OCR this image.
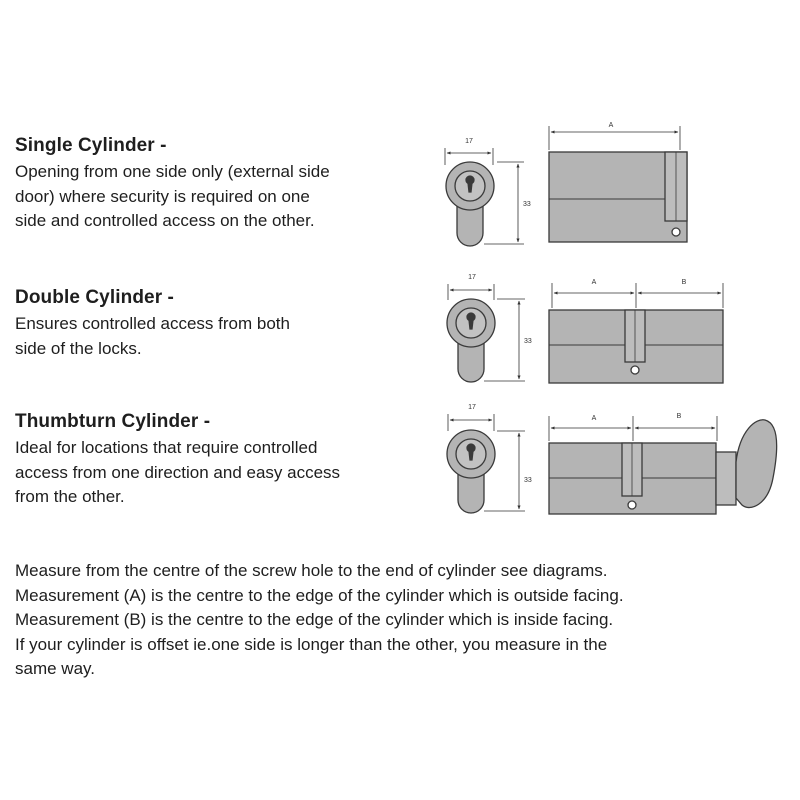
Single Cylinder -

Opening from one side only (external side
door) where security is required on one
side and controlled access on the other.

Double Cylinder -

Ensures controlled access from both
side of the locks.

Thumbturn Cylinder -

Ideal for locations that require controlled
access from one direction and easy access
from the other.

17
33
A
17
33
A	B
17
33
A	B
Measure from the centre of the screw hole to the end of cylinder see diagrams.
Measurement (A) is the centre to the edge of the cylinder which is outside facing.
Measurement (B) is the centre to the edge of the cylinder which is inside facing.
If your cylinder is offset ie.one side is longer than the other, you measure in the
same way.
